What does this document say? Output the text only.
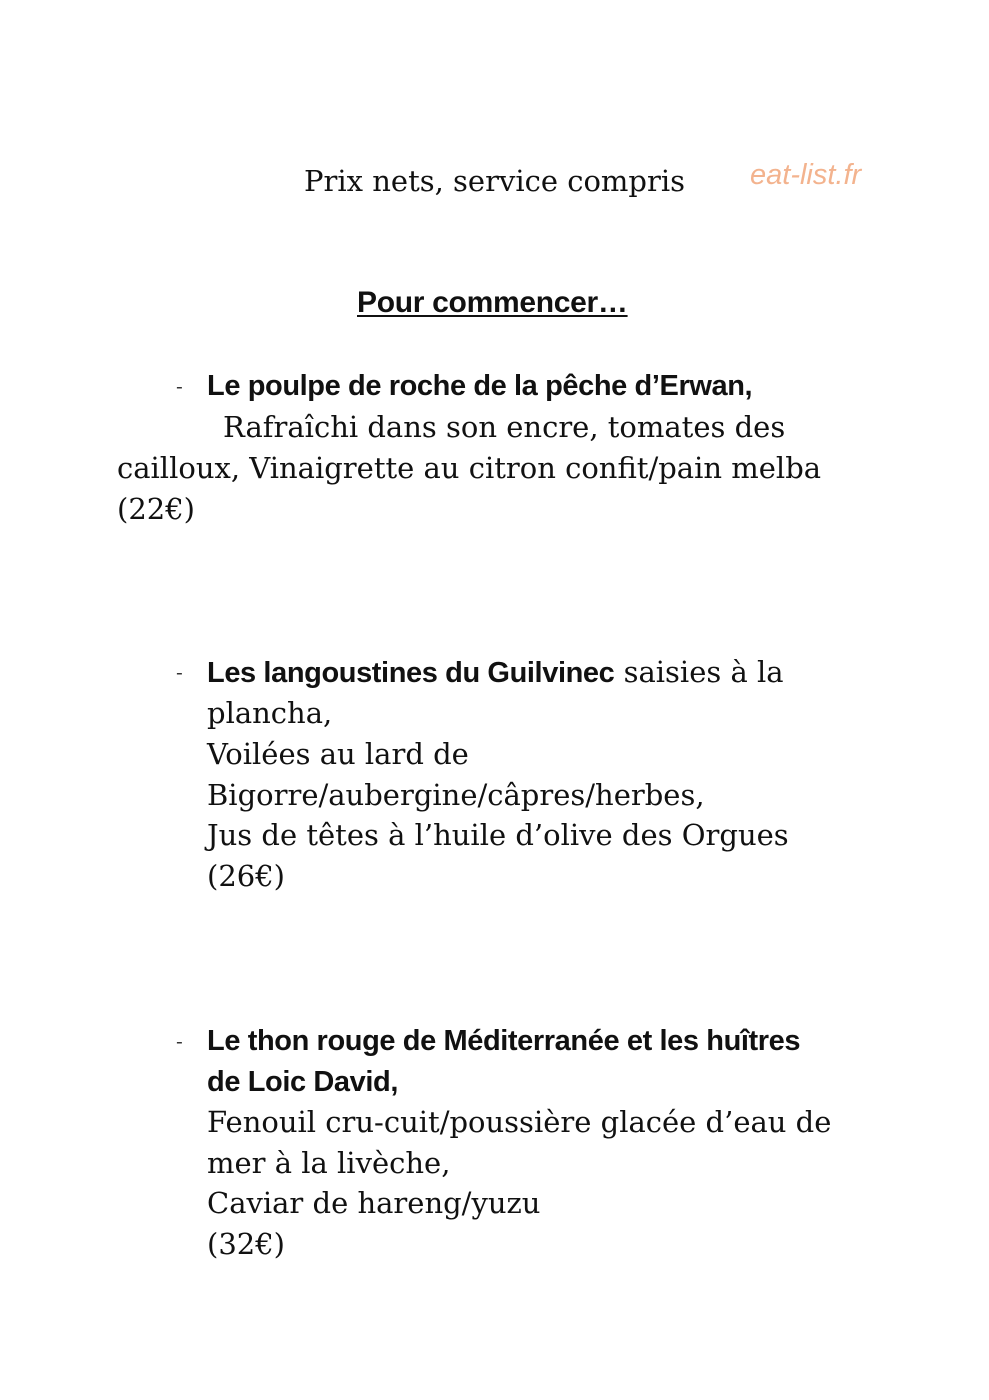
Prix nets, service compris eat-list.fr
Pour commencer…
- Le poulpe de roche de la pêche d’Erwan,
Rafraîchi dans son encre, tomates des
cailloux, Vinaigrette au citron confit/pain melba
(22€)
- Les langoustines du Guilvinec saisies à la
plancha,
Voilées au lard de
Bigorre/aubergine/câpres/herbes,
Jus de têtes à l’huile d’olive des Orgues
(26€)
- Le thon rouge de Méditerranée et les huîtres
de Loic David,
Fenouil cru-cuit/poussière glacée d’eau de
mer à la livèche,
Caviar de hareng/yuzu
(32€)
